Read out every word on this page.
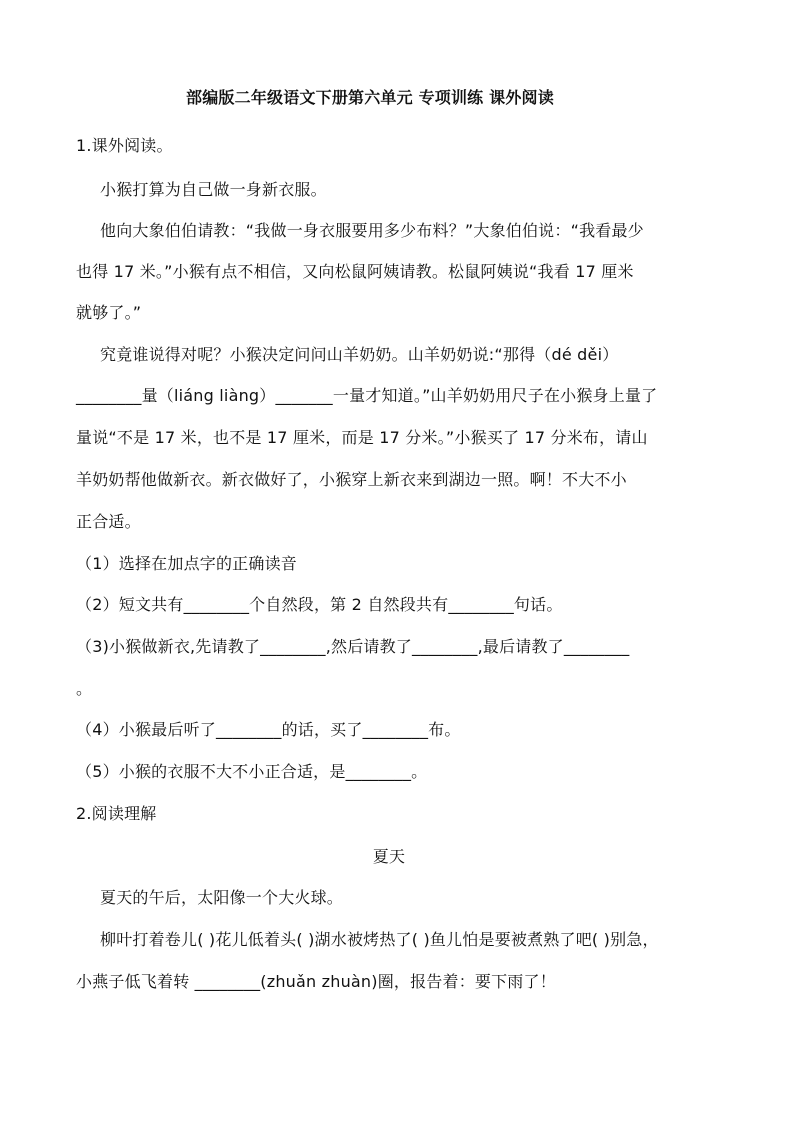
部编版二年级语文下册第六单元 专项训练 课外阅读
1.课外阅读。
小猴打算为自己做一身新衣服。
他向大象伯伯请教：“我做一身衣服要用多少布料？”大象伯伯说：“我看最少
也得 17 米。”小猴有点不相信，又向松鼠阿姨请教。松鼠阿姨说“我看 17 厘米
就够了。”
究竟谁说得对呢？小猴决定问问山羊奶奶。山羊奶奶说:“那得（dé děi）
________量（liáng liàng）_______一量才知道。”山羊奶奶用尺子在小猴身上量了
量说“不是 17 米，也不是 17 厘米，而是 17 分米。”小猴买了 17 分米布，请山
羊奶奶帮他做新衣。新衣做好了，小猴穿上新衣来到湖边一照。啊！不大不小
正合适。
（1）选择在加点字的正确读音
（2）短文共有________个自然段，第 2 自然段共有________句话。
（3)小猴做新衣,先请教了________,然后请教了________,最后请教了________
。
（4）小猴最后听了________的话，买了________布。
（5）小猴的衣服不大不小正合适，是________。
2.阅读理解
夏天
夏天的午后，太阳像一个大火球。
柳叶打着卷儿( )花儿低着头( )湖水被烤热了( )鱼儿怕是要被煮熟了吧( )别急，
小燕子低飞着转 ________(zhuǎn zhuàn)圈，报告着：要下雨了！
